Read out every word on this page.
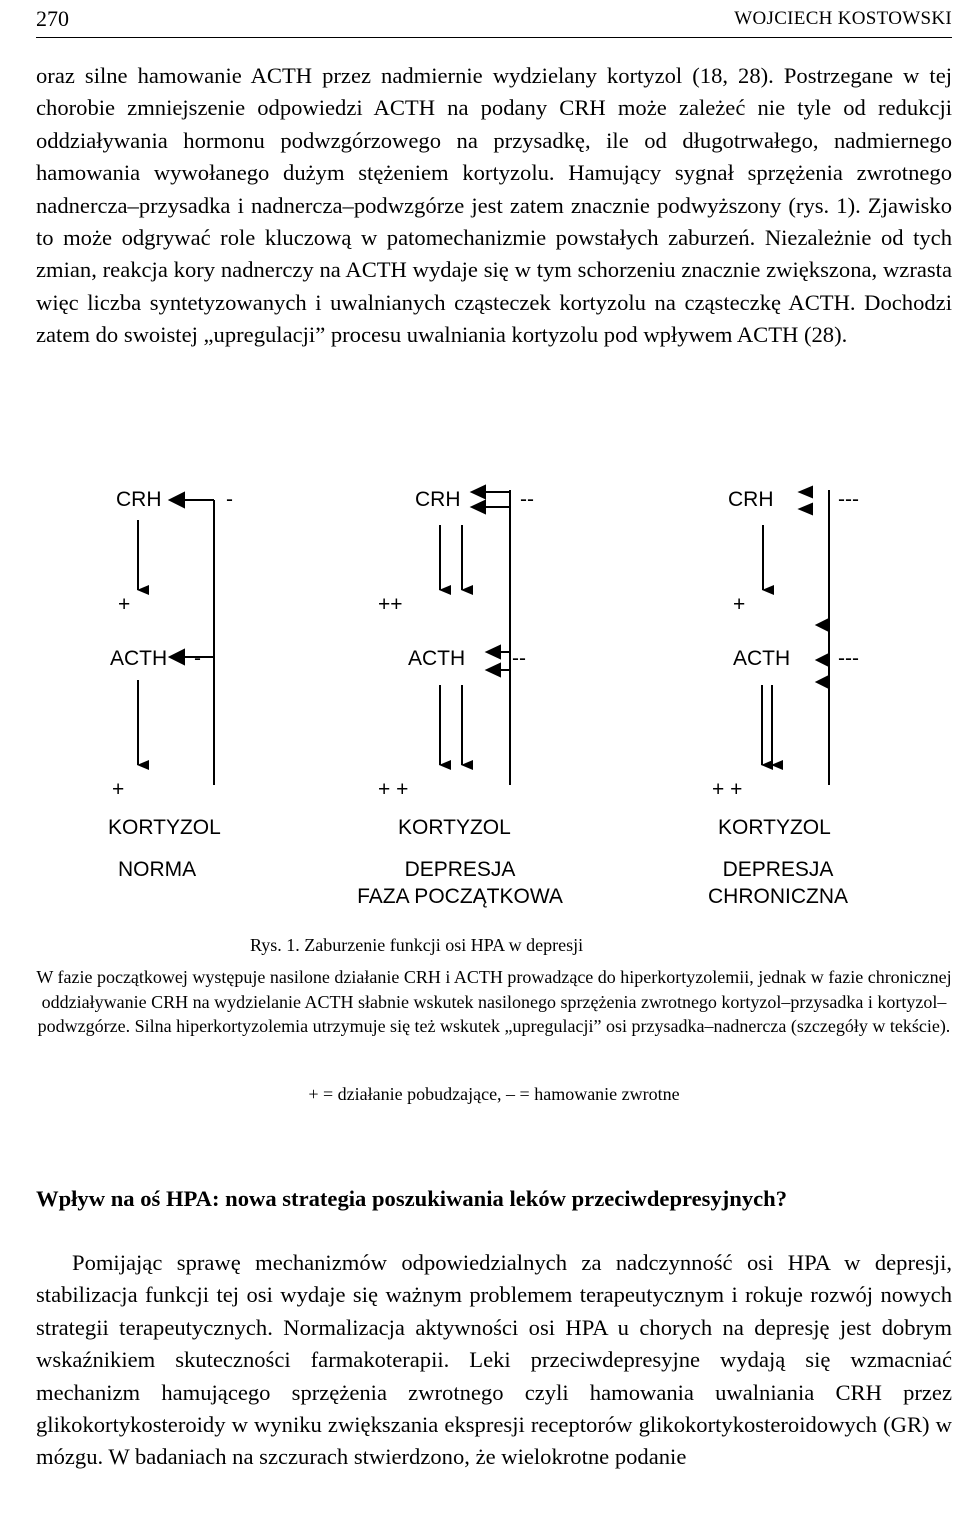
270	WOJCIECH KOSTOWSKI

oraz silne hamowanie ACTH przez nadmiernie wydzielany kortyzol (18, 28). Postrzegane w tej chorobie zmniejszenie odpowiedzi ACTH na podany CRH może zależeć nie tyle od redukcji oddziaływania hormonu podwzgórzowego na przysadkę, ile od długotrwałego, nadmiernego hamowania wywołanego dużym stężeniem kortyzolu. Hamujący sygnał sprzężenia zwrotnego nadnercza–przysadka i nadnercza–podwzgórze jest zatem znacznie podwyższony (rys. 1). Zjawisko to może odgrywać role kluczową w patomechanizmie powstałych zaburzeń. Niezależnie od tych zmian, reakcja kory nadnerczy na ACTH wydaje się w tym schorzeniu znacznie zwiększona, wzrasta więc liczba syntetyzowanych i uwalnianych cząsteczek kortyzolu na cząsteczkę ACTH. Dochodzi zatem do swoistej „upregulacji” procesu uwalniania kortyzolu pod wpływem ACTH (28).

CRH	-
+
ACTH -
+
KORTYZOL
NORMA
CRH	--
++
ACTH --
+ +
KORTYZOL
DEPRESJA
FAZA POCZĄTKOWA
CRH	---
+
ACTH ---
+ +
KORTYZOL
DEPRESJA
CHRONICZNA
Rys. 1. Zaburzenie funkcji osi HPA w depresji
W fazie początkowej występuje nasilone działanie CRH i ACTH prowadzące do hiperkortyzolemii, jednak w fazie chronicznej oddziaływanie CRH na wydzielanie ACTH słabnie wskutek nasilonego sprzężenia zwrotnego kortyzol–przysadka i kortyzol–podwzgórze. Silna hiperkortyzolemia utrzymuje się też wskutek „upregulacji” osi przysadka–nadnercza (szczegóły w tekście).
+ = działanie pobudzające, – = hamowanie zwrotne
Wpływ na oś HPA: nowa strategia poszukiwania leków przeciwdepresyjnych?

Pomijając sprawę mechanizmów odpowiedzialnych za nadczynność osi HPA w depresji, stabilizacja funkcji tej osi wydaje się ważnym problemem terapeutycznym i rokuje rozwój nowych strategii terapeutycznych. Normalizacja aktywności osi HPA u chorych na depresję jest dobrym wskaźnikiem skuteczności farmakoterapii. Leki przeciwdepresyjne wydają się wzmacniać mechanizm hamującego sprzężenia zwrotnego czyli hamowania uwalniania CRH przez glikokortykosteroidy w wyniku zwiększania ekspresji receptorów glikokortykosteroidowych (GR) w mózgu. W badaniach na szczurach stwierdzono, że wielokrotne podanie
